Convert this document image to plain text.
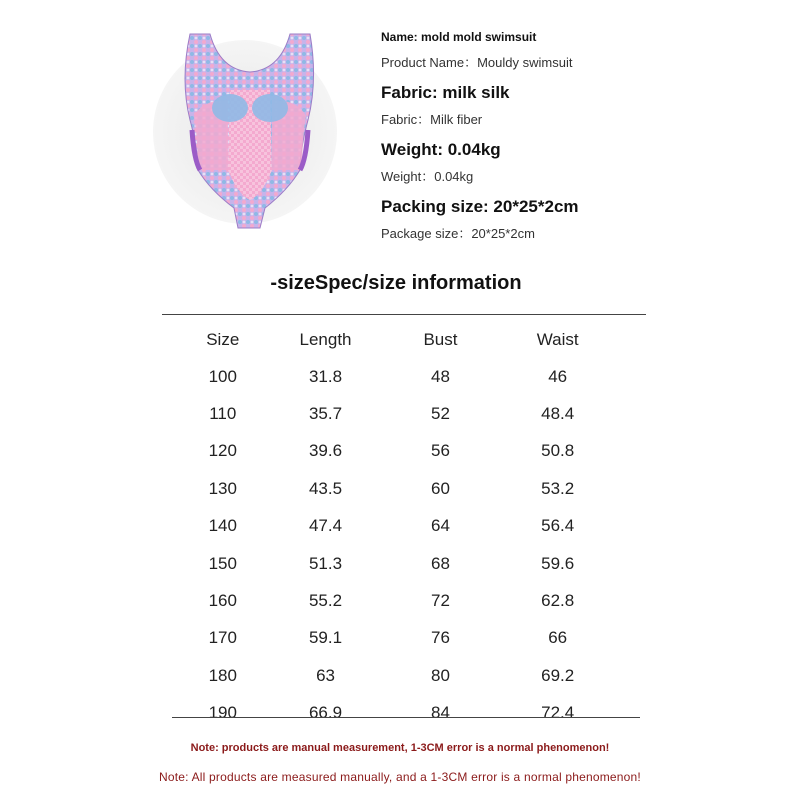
Name: mold mold swimsuit
Product Name：Mouldy swimsuit
Fabric: milk silk
Fabric：Milk fiber
Weight: 0.04kg
Weight：0.04kg
Packing size: 20*25*2cm
Package size：20*25*2cm
-sizeSpec/size information
Size	Length	Bust	Waist
100	31.8	48	46
110	35.7	52	48.4
120	39.6	56	50.8
130	43.5	60	53.2
140	47.4	64	56.4
150	51.3	68	59.6
160	55.2	72	62.8
170	59.1	76	66
180	63	80	69.2
190	66.9	84	72.4
Note: products are manual measurement, 1-3CM error is a normal phenomenon!
Note: All products are measured manually, and a 1-3CM error is a normal phenomenon!
